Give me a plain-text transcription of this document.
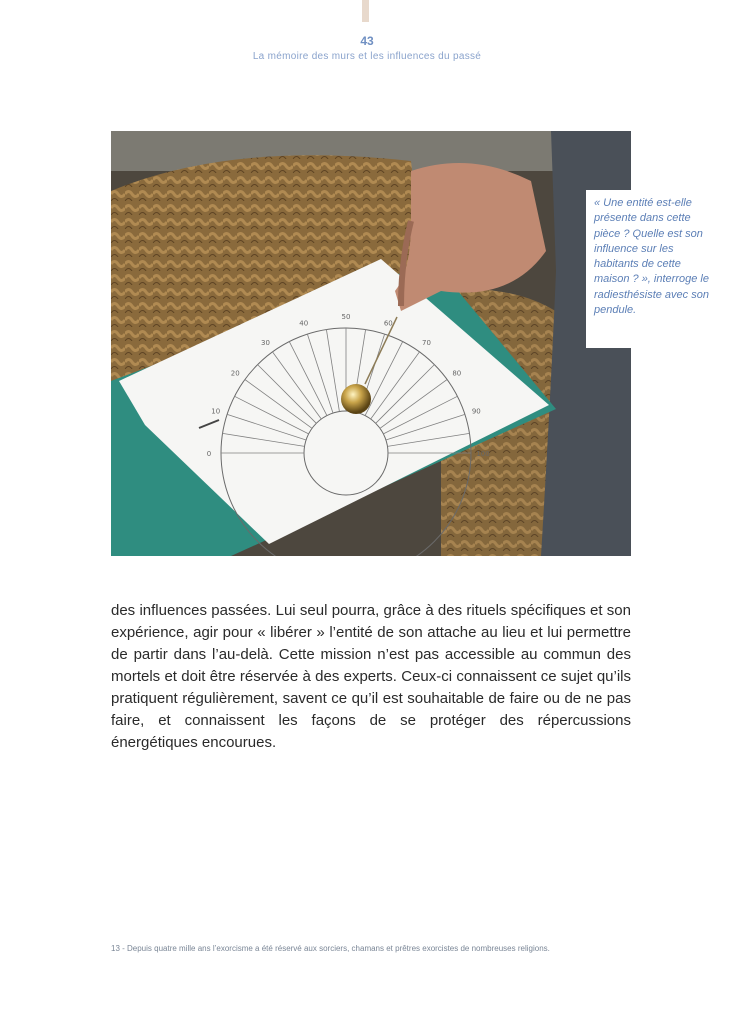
43
La mémoire des murs et les influences du passé
0
10
20
30
40
50
60
70
80
90
100
« Une entité est-elle présente dans cette pièce ? Quelle est son influence sur les habitants de cette maison ? », interroge le radiesthésiste avec son pendule.

des influences passées. Lui seul pourra, grâce à des rituels spécifiques et son expérience, agir pour « libérer » l’entité de son attache au lieu et lui permettre de partir dans l’au-delà. Cette mission n’est pas accessible au commun des mortels et doit être réservée à des experts. Ceux-ci connaissent ce sujet qu’ils pratiquent régulièrement, savent ce qu’il est souhaitable de faire ou de ne pas faire, et connaissent les façons de se protéger des répercussions énergétiques encourues.

13 - Depuis quatre mille ans l’exorcisme a été réservé aux sorciers, chamans et prêtres exorcistes de nombreuses religions.
